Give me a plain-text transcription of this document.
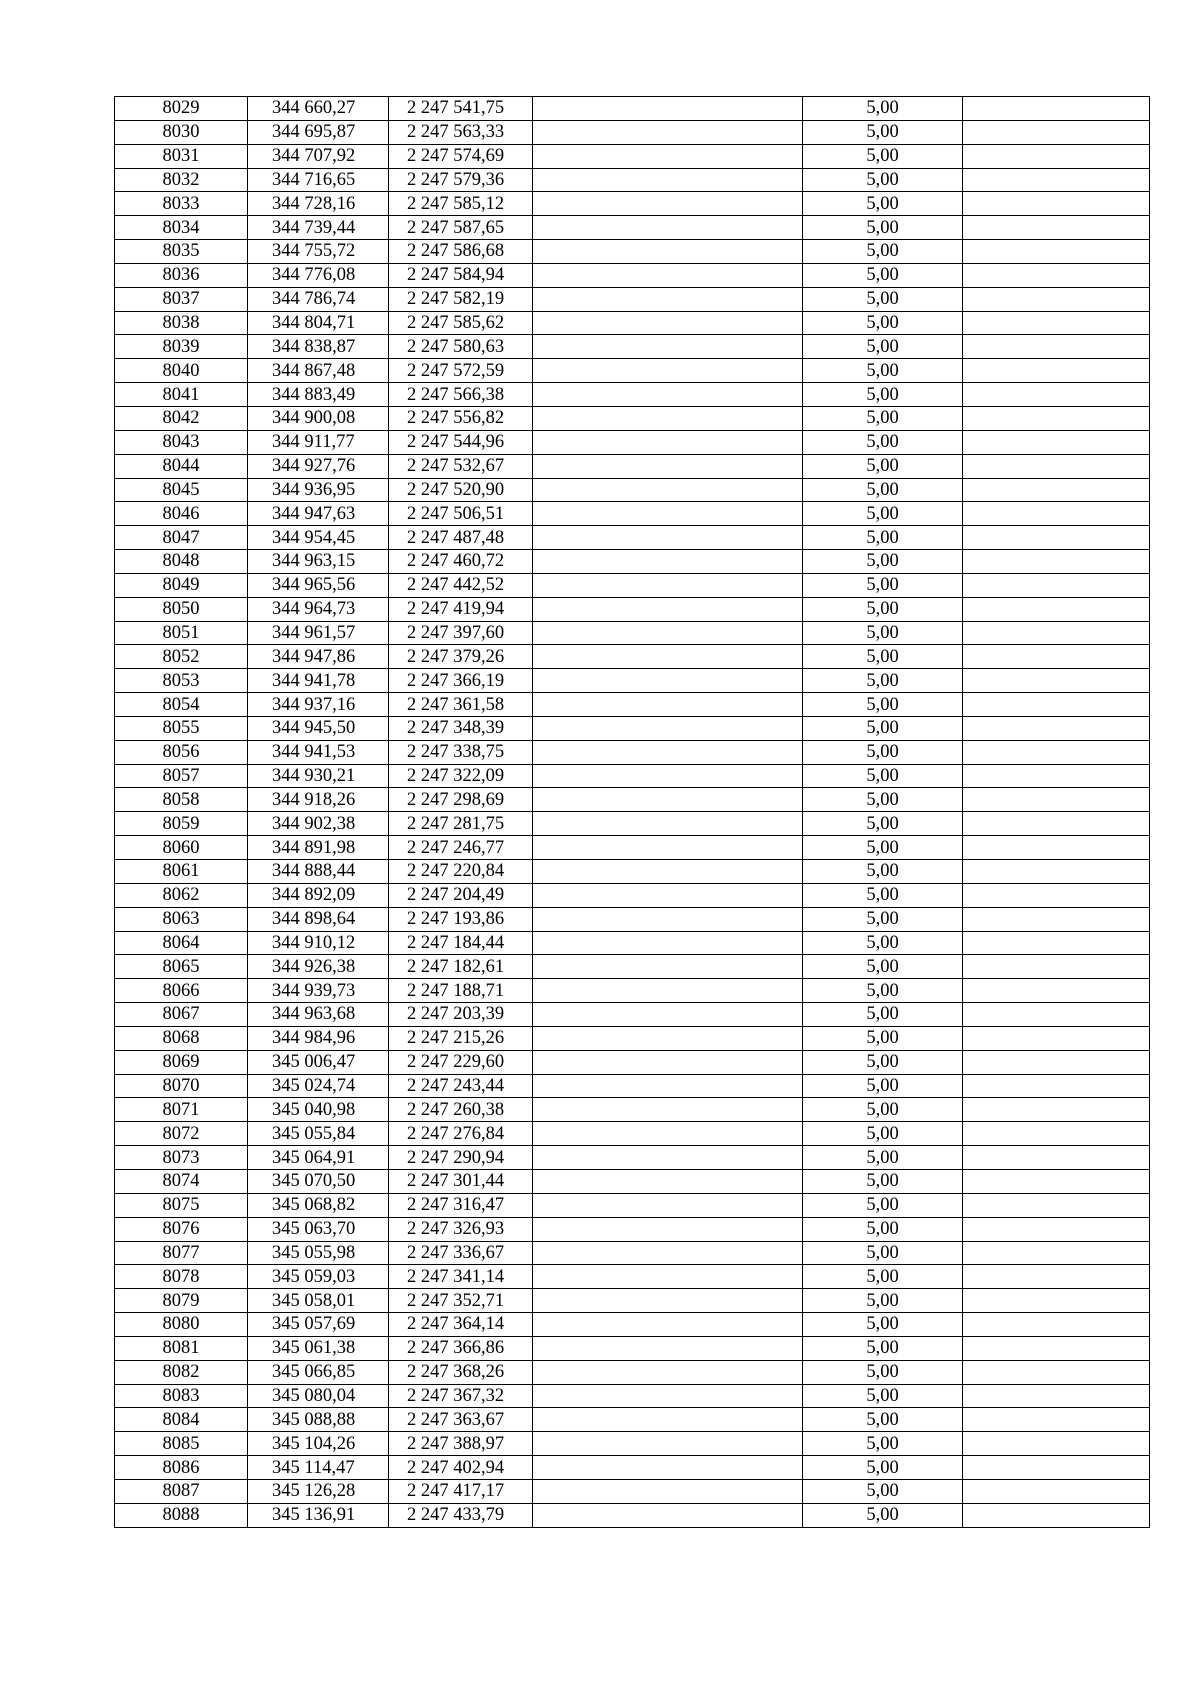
8029	344 660,27	2 247 541,75		5,00	
8030	344 695,87	2 247 563,33		5,00	
8031	344 707,92	2 247 574,69		5,00	
8032	344 716,65	2 247 579,36		5,00	
8033	344 728,16	2 247 585,12		5,00	
8034	344 739,44	2 247 587,65		5,00	
8035	344 755,72	2 247 586,68		5,00	
8036	344 776,08	2 247 584,94		5,00	
8037	344 786,74	2 247 582,19		5,00	
8038	344 804,71	2 247 585,62		5,00	
8039	344 838,87	2 247 580,63		5,00	
8040	344 867,48	2 247 572,59		5,00	
8041	344 883,49	2 247 566,38		5,00	
8042	344 900,08	2 247 556,82		5,00	
8043	344 911,77	2 247 544,96		5,00	
8044	344 927,76	2 247 532,67		5,00	
8045	344 936,95	2 247 520,90		5,00	
8046	344 947,63	2 247 506,51		5,00	
8047	344 954,45	2 247 487,48		5,00	
8048	344 963,15	2 247 460,72		5,00	
8049	344 965,56	2 247 442,52		5,00	
8050	344 964,73	2 247 419,94		5,00	
8051	344 961,57	2 247 397,60		5,00	
8052	344 947,86	2 247 379,26		5,00	
8053	344 941,78	2 247 366,19		5,00	
8054	344 937,16	2 247 361,58		5,00	
8055	344 945,50	2 247 348,39		5,00	
8056	344 941,53	2 247 338,75		5,00	
8057	344 930,21	2 247 322,09		5,00	
8058	344 918,26	2 247 298,69		5,00	
8059	344 902,38	2 247 281,75		5,00	
8060	344 891,98	2 247 246,77		5,00	
8061	344 888,44	2 247 220,84		5,00	
8062	344 892,09	2 247 204,49		5,00	
8063	344 898,64	2 247 193,86		5,00	
8064	344 910,12	2 247 184,44		5,00	
8065	344 926,38	2 247 182,61		5,00	
8066	344 939,73	2 247 188,71		5,00	
8067	344 963,68	2 247 203,39		5,00	
8068	344 984,96	2 247 215,26		5,00	
8069	345 006,47	2 247 229,60		5,00	
8070	345 024,74	2 247 243,44		5,00	
8071	345 040,98	2 247 260,38		5,00	
8072	345 055,84	2 247 276,84		5,00	
8073	345 064,91	2 247 290,94		5,00	
8074	345 070,50	2 247 301,44		5,00	
8075	345 068,82	2 247 316,47		5,00	
8076	345 063,70	2 247 326,93		5,00	
8077	345 055,98	2 247 336,67		5,00	
8078	345 059,03	2 247 341,14		5,00	
8079	345 058,01	2 247 352,71		5,00	
8080	345 057,69	2 247 364,14		5,00	
8081	345 061,38	2 247 366,86		5,00	
8082	345 066,85	2 247 368,26		5,00	
8083	345 080,04	2 247 367,32		5,00	
8084	345 088,88	2 247 363,67		5,00	
8085	345 104,26	2 247 388,97		5,00	
8086	345 114,47	2 247 402,94		5,00	
8087	345 126,28	2 247 417,17		5,00	
8088	345 136,91	2 247 433,79		5,00	
